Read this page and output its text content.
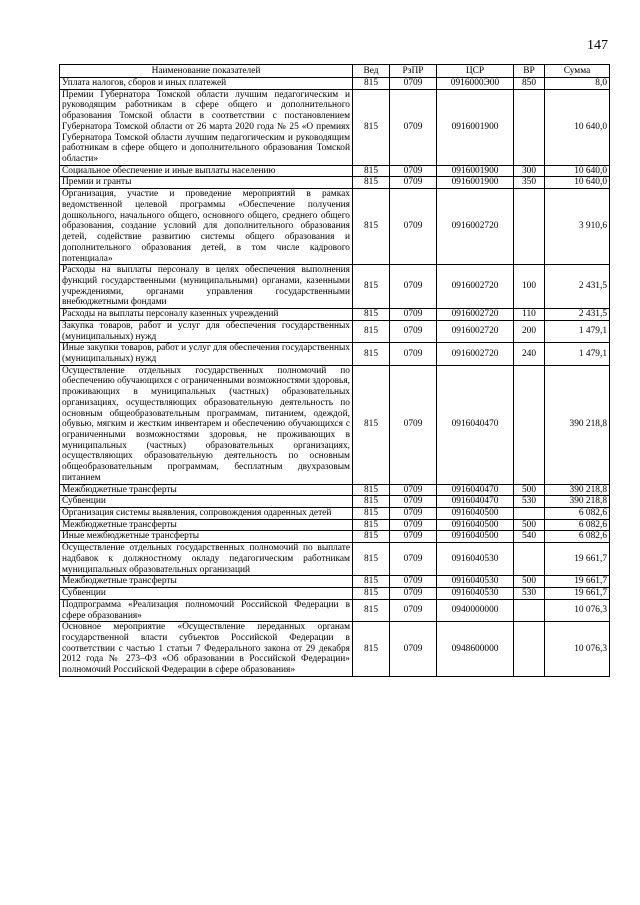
147
Наименование показателей	Вед	РзПР	ЦСР	ВР	Сумма
Уплата налогов, сборов и иных платежей	815	0709	0916000Э00	850	8,0
Премии Губернатора Томской области лучшим педагогическим и руководящим работникам в сфере общего и дополнительного образования Томской области в соответствии с постановлением Губернатора Томской области от 26 марта 2020 года № 25 «О премиях Губернатора Томской области лучшим педагогическим и руководящим работникам в сфере общего и дополнительного образования Томской области»	815	0709	0916001900		10 640,0
Социальное обеспечение и иные выплаты населению	815	0709	0916001900	300	10 640,0
Премии и гранты	815	0709	0916001900	350	10 640,0
Организация, участие и проведение мероприятий в рамках ведомственной целевой программы «Обеспечение получения дошкольного, начального общего, основного общего, среднего общего образования, создание условий для дополнительного образования детей, содействие развитию системы общего образования и дополнительного образования детей, в том числе кадрового потенциала»	815	0709	0916002720		3 910,6
Расходы на выплаты персоналу в целях обеспечения выполнения функций государственными (муниципальными) органами, казенными учреждениями, органами управления государственными внебюджетными фондами	815	0709	0916002720	100	2 431,5
Расходы на выплаты персоналу казенных учреждений	815	0709	0916002720	110	2 431,5
Закупка товаров, работ и услуг для обеспечения государственных (муниципальных) нужд	815	0709	0916002720	200	1 479,1
Иные закупки товаров, работ и услуг для обеспечения государственных (муниципальных) нужд	815	0709	0916002720	240	1 479,1
Осуществление отдельных государственных полномочий по обеспечению обучающихся с ограниченными возможностями здоровья, проживающих в муниципальных (частных) образовательных организациях, осуществляющих образовательную деятельность по основным общеобразовательным программам, питанием, одеждой, обувью, мягким и жестким инвентарем и обеспечению обучающихся с ограниченными возможностями здоровья, не проживающих в муниципальных (частных) образовательных организациях, осуществляющих образовательную деятельность по основным общеобразовательным программам, бесплатным двухразовым питанием	815	0709	0916040470		390 218,8
Межбюджетные трансферты	815	0709	0916040470	500	390 218,8
Субвенции	815	0709	0916040470	530	390 218,8
Организация системы выявления, сопровождения одаренных детей	815	0709	0916040500		6 082,6
Межбюджетные трансферты	815	0709	0916040500	500	6 082,6
Иные межбюджетные трансферты	815	0709	0916040500	540	6 082,6
Осуществление отдельных государственных полномочий по выплате надбавок к должностному окладу педагогическим работникам муниципальных образовательных организаций	815	0709	0916040530		19 661,7
Межбюджетные трансферты	815	0709	0916040530	500	19 661,7
Субвенции	815	0709	0916040530	530	19 661,7
Подпрограмма «Реализация полномочий Российской Федерации в сфере образования»	815	0709	0940000000		10 076,3
Основное мероприятие «Осуществление переданных органам государственной власти субъектов Российской Федерации в соответствии с частью 1 статьи 7 Федерального закона от 29 декабря 2012 года № 273–ФЗ «Об образовании в Российской Федерации» полномочий Российской Федерации в сфере образования»	815	0709	0948600000		10 076,3
